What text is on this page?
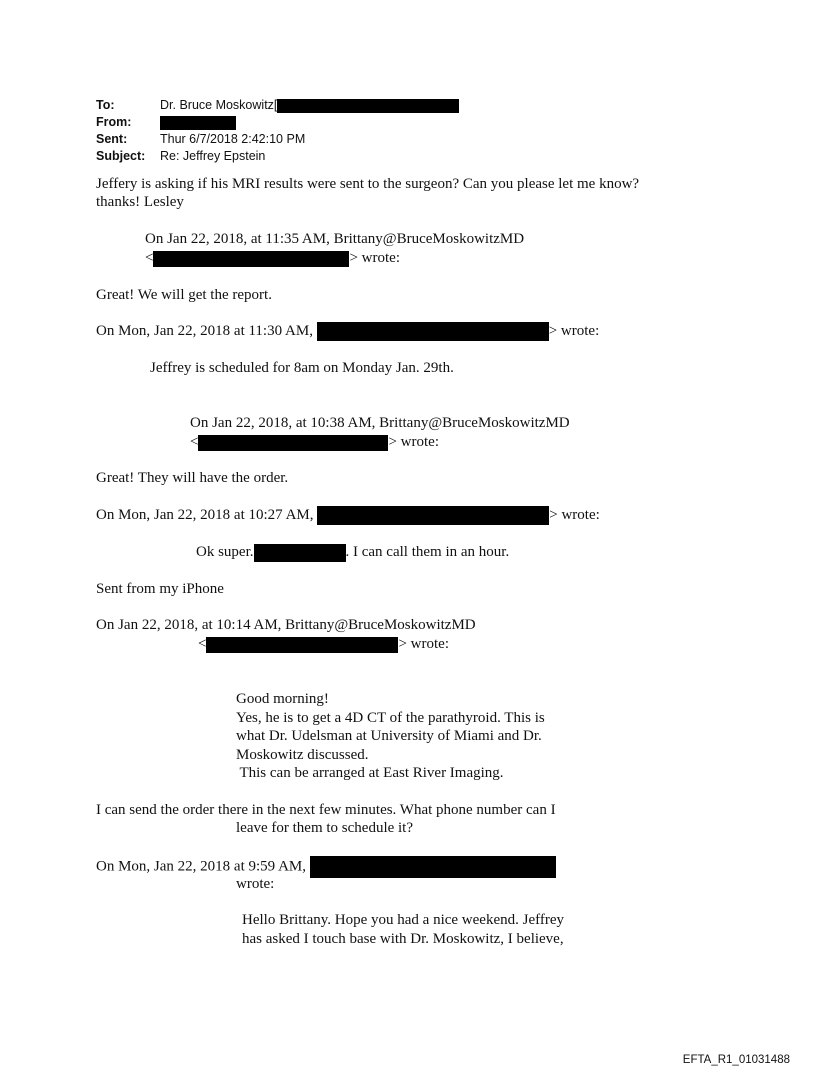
To:	Dr. Bruce Moskowitz[
From:
Sent:	Thur 6/7/2018 2:42:10 PM
Subject: Re: Jeffrey Epstein
Jeffery is asking if his MRI results were sent to the surgeon? Can you please let me know?
thanks! Lesley
On Jan 22, 2018, at 11:35 AM, Brittany@BruceMoskowitzMD
<	> wrote:
Great! We will get the report.
On Mon, Jan 22, 2018 at 11:30 AM,	> wrote:
Jeffrey is scheduled for 8am on Monday Jan. 29th.
On Jan 22, 2018, at 10:38 AM, Brittany@BruceMoskowitzMD
<	> wrote:
Great! They will have the order.
On Mon, Jan 22, 2018 at 10:27 AM,	> wrote:
Ok super.	. I can call them in an hour.
Sent from my iPhone
On Jan 22, 2018, at 10:14 AM, Brittany@BruceMoskowitzMD
<	> wrote:
Good morning!
Yes, he is to get a 4D CT of the parathyroid. This is
what Dr. Udelsman at University of Miami and Dr.
Moskowitz discussed.
This can be arranged at East River Imaging.
I can send the order there in the next few minutes. What phone number can I
leave for them to schedule it?
On Mon, Jan 22, 2018 at 9:59 AM,
wrote:
Hello Brittany. Hope you had a nice weekend. Jeffrey
has asked I touch base with Dr. Moskowitz, I believe,
EFTA_R1_01031488
